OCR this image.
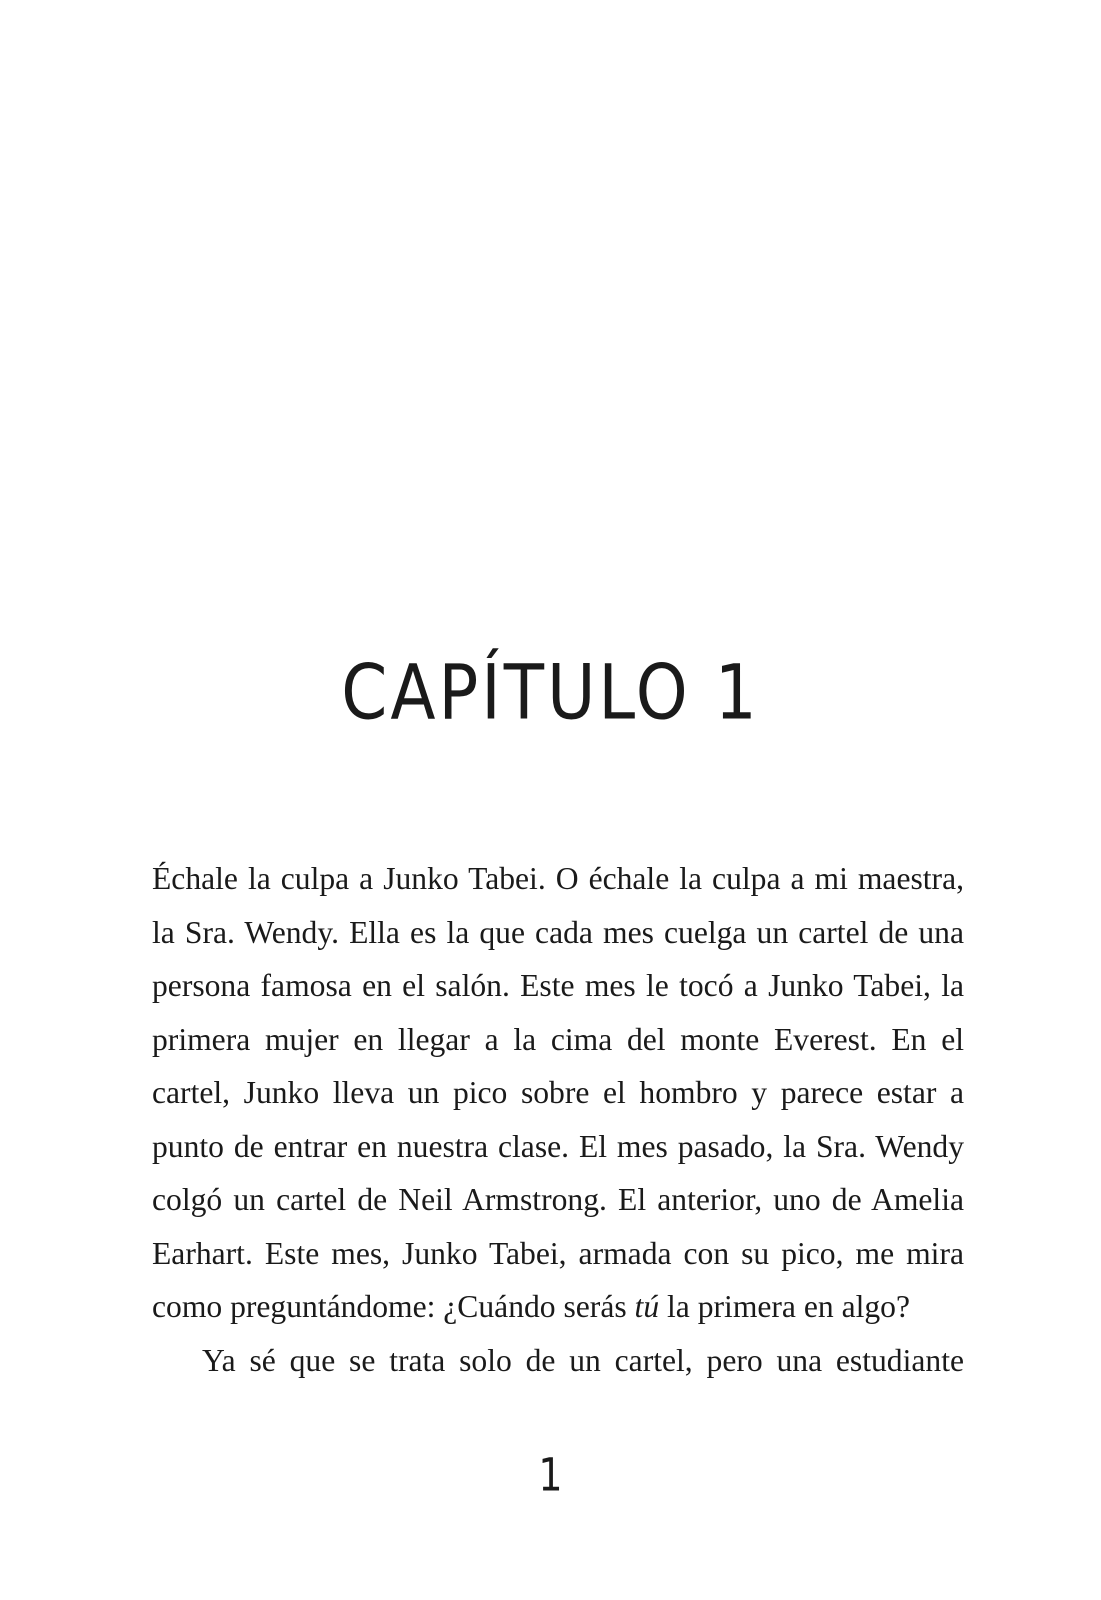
CAPÍTULO 1

Échale la culpa a Junko Tabei. O échale la culpa a mi maestra, la Sra. Wendy. Ella es la que cada mes cuelga un cartel de una persona famosa en el salón. Este mes le tocó a Junko Tabei, la primera mujer en llegar a la cima del monte Everest. En el cartel, Junko lleva un pico sobre el hombro y parece estar a punto de entrar en nuestra clase. El mes pasado, la Sra. Wendy colgó un cartel de Neil Armstrong. El anterior, uno de Amelia Earhart. Este mes, Junko Tabei, armada con su pico, me mira como preguntándome: ¿Cuándo serás tú la primera en algo?

Ya sé que se trata solo de un cartel, pero una estudiante

1
